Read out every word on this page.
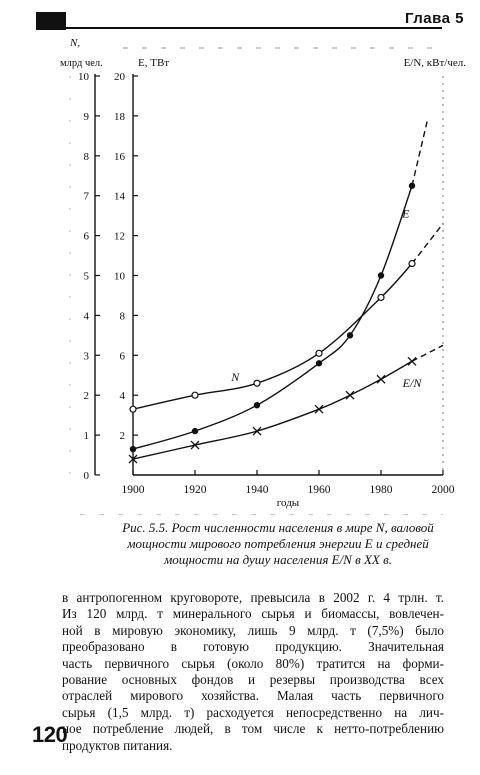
Глава 5
0
1
2
3
4
5
6
7
8
9
10
2
4
6
8
10
12
14
16
18
20
1900	1920	1940	1960	1980	2000
годы
N,
млрд чел.	E, ТВт	E/N, кВт/чел.
N
E
E/N
Рис. 5.5. Рост численности населения в мире N, валовой
мощности мирового потребления энергии E и средней
мощности на душу населения E/N в XX в.
в антропогенном круговороте, превысила в 2002 г. 4 трлн. т.
Из 120 млрд. т минерального сырья и биомассы, вовлечен-
ной в мировую экономику, лишь 9 млрд. т (7,5%) было
преобразовано в готовую продукцию. Значительная
часть первичного сырья (около 80%) тратится на форми-
рование основных фондов и резервы производства всех
отраслей мирового хозяйства. Малая часть первичного
сырья (1,5 млрд. т) расходуется непосредственно на лич-
ное потребление людей, в том числе к нетто-потреблению
продуктов питания.
120
